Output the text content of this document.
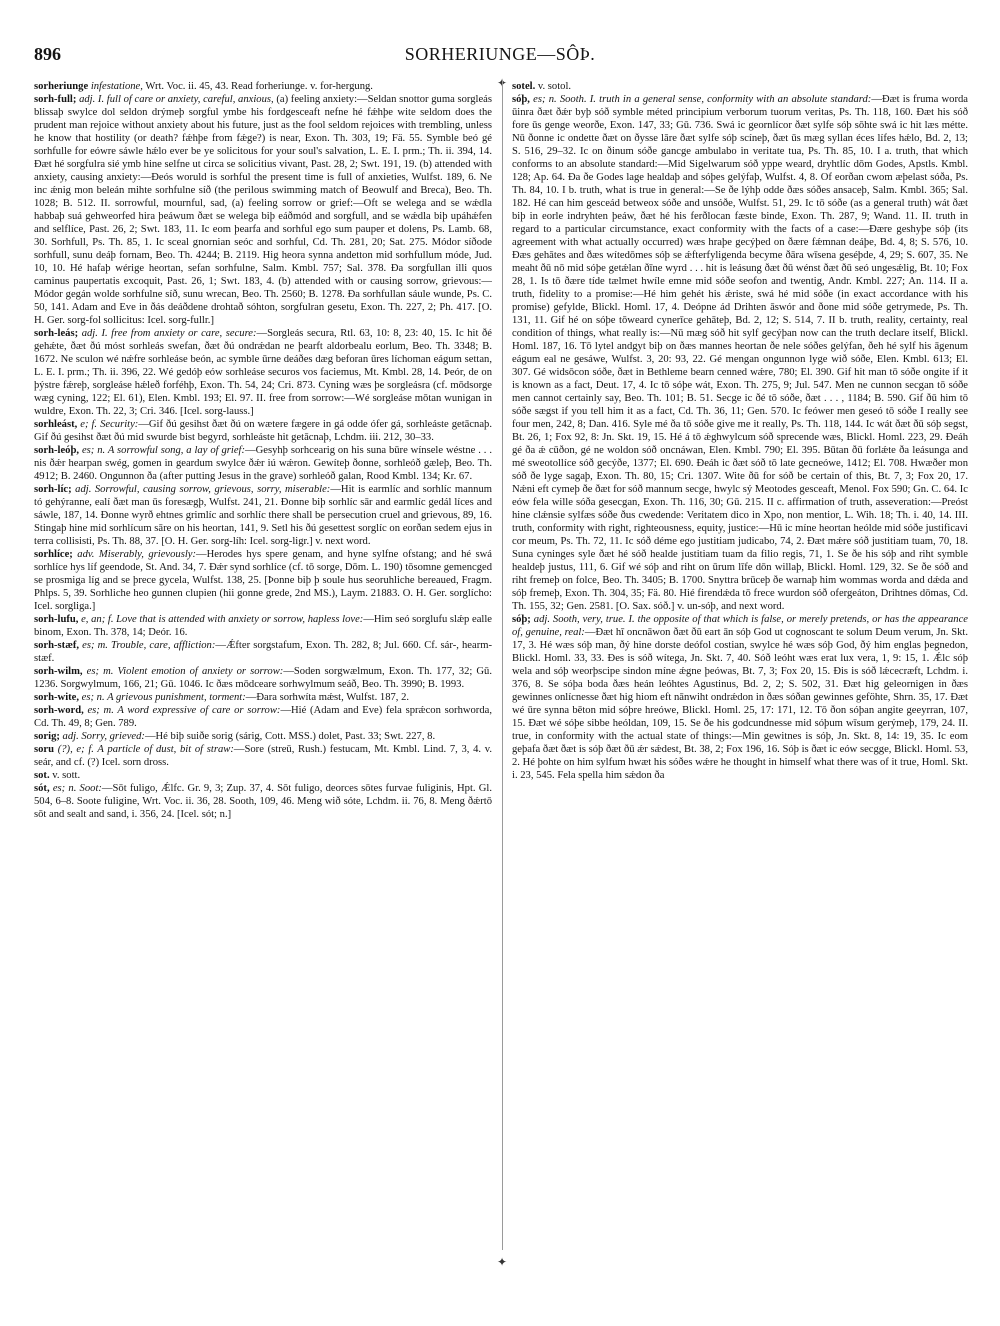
896	SORHERIUNGE—SÔÞ.
✦
✦

sorheriunge infestatione, Wrt. Voc. ii. 45, 43. Read forheriunge. v. for-hergung.

sorh-full; adj. I. full of care or anxiety, careful, anxious, (a) feeling anxiety:—Seldan snottor guma sorgleás blissaþ swylce dol seldon drýmeþ sorgful ymbe his fordgesceaft nefne hé fǽhþe wite seldom does the prudent man rejoice without anxiety about his future, just as the fool seldom rejoices with trembling, unless he know that hostility (or death? fǽhþe from fǽge?) is near, Exon. Th. 303, 19; Fä. 55. Symble beó gé sorhfulle for eówre sáwle hǽlo ever be ye solicitous for your soul's salvation, L. E. I. prm.; Th. ii. 394, 14. Ðæt hé sorgfulra sié ymb hine selfne ut circa se solicitius vivant, Past. 28, 2; Swt. 191, 19. (b) attended with anxiety, causing anxiety:—Ðeós woruld is sorhful the present time is full of anxieties, Wulfst. 189, 6. Ne inc ǽnig mon beleán mihte sorhfulne síð (the perilous swimming match of Beowulf and Breca), Beo. Th. 1028; B. 512. II. sorrowful, mournful, sad, (a) feeling sorrow or grief:—Oft se welega and se wǽdla habbaþ suá gehweorfed hira þeáwum ðæt se welega biþ eáðmód and sorgfull, and se wǽdla biþ upáhǽfen and selflíce, Past. 26, 2; Swt. 183, 11. Ic eom þearfa and sorhful ego sum pauper et dolens, Ps. Lamb. 68, 30. Sorhfull, Ps. Th. 85, 1. Ic sceal gnornian seóc and sorhful, Cd. Th. 281, 20; Sat. 275. Módor síðode sorhfull, sunu deáþ fornam, Beo. Th. 4244; B. 2119. Hig heora synna andetton mid sorhfullum móde, Jud. 10, 10. Hé hafaþ wérige heortan, sefan sorhfulne, Salm. Kmbl. 757; Sal. 378. Ða sorgfullan illi quos caminus paupertatis excoquit, Past. 26, 1; Swt. 183, 4. (b) attended with or causing sorrow, grievous:—Módor gegán wolde sorhfulne síð, sunu wrecan, Beo. Th. 2560; B. 1278. Ða sorhfullan sáule wunde, Ps. C. 50, 141. Adam and Eve in ðás deáðdene drohtað sóhton, sorgfulran gesetu, Exon. Th. 227, 2; Ph. 417. [O. H. Ger. sorg-fol sollicitus: Icel. sorg-fullr.]

sorh-leás; adj. I. free from anxiety or care, secure:—Sorgleás secura, Rtl. 63, 10: 8, 23: 40, 15. Ic hit ðé gehǽte, ðæt ðú móst sorhleás swefan, ðæt ðú ondrǽdan ne þearft aldorbealu eorlum, Beo. Th. 3348; B. 1672. Ne sculon wé nǽfre sorhleáse beón, ac symble ūrne deáðes dæg beforan ūres líchoman eágum settan, L. E. I. prm.; Th. ii. 396, 22. Wé gedóþ eów sorhleáse securos vos faciemus, Mt. Kmbl. 28, 14. Þeór, de on þýstre fǽreþ, sorgleáse hǽleð forféhþ, Exon. Th. 54, 24; Cri. 873. Cyning wæs þe sorgleásra (cf. mōdsorge wæg cyning, 122; El. 61), Elen. Kmbl. 193; El. 97. II. free from sorrow:—Wé sorgleáse mōtan wunigan in wuldre, Exon. Th. 22, 3; Cri. 346. [Icel. sorg-lauss.]

sorhleást, e; f. Security:—Gif ðú gesihst ðæt ðú on wætere fægere in gá odde ófer gá, sorhleáste getācnaþ. Gif ðú gesihst ðæt ðú mid swurde bist begyrd, sorhleáste hit getācnaþ, Lchdm. iii. 212, 30–33.

sorh-leóþ, es; n. A sorrowful song, a lay of grief:—Gesyhþ sorhcearig on his suna būre wínsele wéstne . . . nis ðǽr hearpan swég, gomen in geardum swylce ðǽr iú wǽron. Gewíteþ ðonne, sorhleóð gæleþ, Beo. Th. 4912; B. 2460. Ongunnon ða (after putting Jesus in the grave) sorhleóð galan, Rood Kmbl. 134; Kr. 67.

sorh-líc; adj. Sorrowful, causing sorrow, grievous, sorry, miserable:—Hit is earmlíc and sorhlíc mannum tó gehýranne, ealí ðæt man ūs foresægþ, Wulfst. 241, 21. Ðonne biþ sorhlíc sār and earmlíc gedál líces and sáwle, 187, 14. Ðonne wyrð ehtnes grimlíc and sorhlíc there shall be persecution cruel and grievous, 89, 16. Stingaþ hine mid sorhlícum sāre on his heortan, 141, 9. Setl his ðú gesettest sorglíc on eorðan sedem ejus in terra collisisti, Ps. Th. 88, 37. [O. H. Ger. sorg-líh: Icel. sorg-ligr.] v. next word.

sorhlíce; adv. Miserably, grievously:—Herodes hys spere genam, and hyne sylfne ofstang; and hé swá sorhlíce hys líf geendode, St. And. 34, 7. Ðǽr synd sorhlíce (cf. tō sorge, Dōm. L. 190) tōsomne gemencged se prosmiga líg and se þrece gycela, Wulfst. 138, 25. [Þonne biþ þ soule hus seoruhliche bereaued, Fragm. Phlps. 5, 39. Sorhliche heo gunnen clupien (hii gonne grede, 2nd MS.), Laym. 21883. O. H. Ger. sorglícho: Icel. sorgliga.]

sorh-lufu, e, an; f. Love that is attended with anxiety or sorrow, hapless love:—Him seó sorglufu slǽp ealle binom, Exon. Th. 378, 14; Deór. 16.

sorh-stæf, es; m. Trouble, care, affliction:—Ǽfter sorgstafum, Exon. Th. 282, 8; Jul. 660. Cf. sár-, hearm-stæf.

sorh-wilm, es; m. Violent emotion of anxiety or sorrow:—Soden sorgwælmum, Exon. Th. 177, 32; Gū. 1236. Sorgwylmum, 166, 21; Gū. 1046. Ic ðæs mōdceare sorhwylmum seáð, Beo. Th. 3990; B. 1993.

sorh-wite, es; n. A grievous punishment, torment:—Ðara sorhwíta mǽst, Wulfst. 187, 2.

sorh-word, es; m. A word expressive of care or sorrow:—Hié (Adam and Eve) fela sprǽcon sorhworda, Cd. Th. 49, 8; Gen. 789.

sorig; adj. Sorry, grieved:—Hé biþ suiðe sorig (sárig, Cott. MSS.) dolet, Past. 33; Swt. 227, 8.

soru (?), e; f. A particle of dust, bit of straw:—Sore (streū, Rush.) festucam, Mt. Kmbl. Lind. 7, 3, 4. v. seár, and cf. (?) Icel. sorn dross.

sot. v. sott.

sót, es; n. Soot:—Sōt fuligo, Ǽlfc. Gr. 9, 3; Zup. 37, 4. Sōt fuligo, deorces sōtes furvae fuliginis, Hpt. Gl. 504, 6–8. Soote fuligine, Wrt. Voc. ii. 36, 28. Sooth, 109, 46. Meng wið sóte, Lchdm. ii. 76, 8. Meng ðǽrtō sōt and sealt and sand, i. 356, 24. [Icel. sót; n.]

sotel. v. sotol.

sóþ, es; n. Sooth. I. truth in a general sense, conformity with an absolute standard:—Ðæt is fruma worda ūinra ðæt ðǽr byþ sóð symble méted principium verborum tuorum veritas, Ps. Th. 118, 160. Ðæt his sóð fore ūs genge weorðe, Exon. 147, 33; Gū. 736. Swá ic geornlícor ðæt sylfe sóþ sōhte swá ic hit læs métte. Nū ðonne ic ondette ðæt on ðysse lāre ðæt sylfe sóþ scíneþ, ðæt ūs mæg syllan éces lífes hǽlo, Bd. 2, 13; S. 516, 29–32. Ic on ðinum sóðe gancge ambulabo in veritate tua, Ps. Th. 85, 10. I a. truth, that which conforms to an absolute standard:—Mid Sigelwarum sóð yppe weard, dryhtlíc dōm Godes, Apstls. Kmbl. 128; Ap. 64. Ða ðe Godes lage healdaþ and sóþes gelýfaþ, Wulfst. 4, 8. Of eorðan cwom æþelast sóða, Ps. Th. 84, 10. I b. truth, what is true in general:—Se ðe lýhþ odde ðæs sóðes ansaceþ, Salm. Kmbl. 365; Sal. 182. Hé can him gesceád betweox sóðe and unsóðe, Wulfst. 51, 29. Ic tō sóðe (as a general truth) wát ðæt biþ in eorle indryhten þeáw, ðæt hé his ferðlocan fæste binde, Exon. Th. 287, 9; Wand. 11. II. truth in regard to a particular circumstance, exact conformity with the facts of a case:—Ðære geshyþe sóþ (its agreement with what actually occurred) wæs hraþe gecýþed on ðære fǽmnan deáþe, Bd. 4, 8; S. 576, 10. Ðæs gehātes and ðæs wítedōmes sóþ se ǽfterfyligenda becyme ðāra wīsena geséþde, 4, 29; S. 607, 35. Ne meaht ðū nō mid sóþe getǽlan ðīne wyrd . . . hit is leásung ðæt ðū wénst ðæt ðū seó ungesǽlig, Bt. 10; Fox 28, 1. Is tō ðære tíde tælmet hwíle emne mid sóðe seofon and twentig, Andr. Kmbl. 227; An. 114. II a. truth, fidelity to a promise:—Hé him gehét his ǽriste, swá hé mid sóðe (in exact accordance with his promise) gefylde, Blickl. Homl. 17, 4. Deópne ád Drihten āswór and ðone mid sóðe getrymede, Ps. Th. 131, 11. Gif hé on sóþe tōweard cynerīce gehāteþ, Bd. 2, 12; S. 514, 7. II b. truth, reality, certainty, real condition of things, what really is:—Nū mæg sóð hit sylf gecýþan now can the truth declare itself, Blickl. Homl. 187, 16. Tō lytel andgyt biþ on ðæs mannes heortan ðe nele sóðes gelýfan, ðeh hé sylf his āgenum eágum eal ne gesáwe, Wulfst. 3, 20: 93, 22. Gé mengan ongunnon lyge wið sóðe, Elen. Kmbl. 613; El. 307. Gé widsōcon sóðe, ðæt in Bethleme bearn cenned wǽre, 780; El. 390. Gif hit man tō sóðe ongite if it is known as a fact, Deut. 17, 4. Ic tō sóþe wát, Exon. Th. 275, 9; Jul. 547. Men ne cunnon secgan tō sóðe men cannot certainly say, Beo. Th. 101; B. 51. Secge ic ðé tō sóðe, ðæt . . . , 1184; B. 590. Gif ðū him tō sóðe sægst if you tell him it as a fact, Cd. Th. 36, 11; Gen. 570. Ic feówer men geseó tō sóðe I really see four men, 242, 8; Dan. 416. Syle mé ða tō sóðe give me it really, Ps. Th. 118, 144. Ic wát ðæt ðū sóþ segst, Bt. 26, 1; Fox 92, 8: Jn. Skt. 19, 15. Hé á tō ǽghwylcum sóð sprecende wæs, Blickl. Homl. 223, 29. Ðeáh gé ða ǽ cūðon, gé ne woldon sóð oncnáwan, Elen. Kmbl. 790; El. 395. Būtan ðū forlǽte ða leásunga and mé sweotollíce sóð gecýðe, 1377; El. 690. Ðeáh ic ðæt sóð tō late gecneówe, 1412; El. 708. Hwæðer mon sóð ðe lyge sagaþ, Exon. Th. 80, 15; Cri. 1307. Wite ðū for sóð be certain of this, Bt. 7, 3; Fox 20, 17. Nǽni eft cymeþ ðe ðæt for sóð mannum secge, hwylc sý Meotodes gesceaft, Menol. Fox 590; Gn. C. 64. Ic eów fela wille sóða gesecgan, Exon. Th. 116, 30; Gū. 215. II c. affirmation of truth, asseveration:—Preóst hine clǽnsie sylfæs sóðe ðus cwedende: Veritatem dico in Xpo, non mentior, L. Wih. 18; Th. i. 40, 14. III. truth, conformity with right, righteousness, equity, justice:—Hū ic míne heortan heólde mid sóðe justificavi cor meum, Ps. Th. 72, 11. Ic sóð déme ego justitiam judicabo, 74, 2. Ðæt mǽre sóð justitiam tuam, 70, 18. Suna cyninges syle ðæt hé sóð healde justitiam tuam da filio regis, 71, 1. Se ðe his sóþ and riht symble healdeþ justus, 111, 6. Gif wé sóþ and riht on ūrum līfe dōn willaþ, Blickl. Homl. 129, 32. Se ðe sóð and riht fremeþ on folce, Beo. Th. 3405; B. 1700. Snyttra brūceþ ðe warnaþ him wommas worda and dǽda and sóþ fremeþ, Exon. Th. 304, 35; Fä. 80. Hié firendǽda tō frece wurdon sóð ofergeáton, Drihtnes dōmas, Cd. Th. 155, 32; Gen. 2581. [O. Sax. sóð.] v. un-sóþ, and next word.

sóþ; adj. Sooth, very, true. I. the opposite of that which is false, or merely pretends, or has the appearance of, genuine, real:—Ðæt hī oncnāwon ðæt ðū eart ān sóþ God ut cognoscant te solum Deum verum, Jn. Skt. 17, 3. Hé wæs sóþ man, ðý hine dorste deófol costian, swylce hé wæs sóþ God, ðý him englas þegnedon, Blickl. Homl. 33, 33. Ðes is sóð wítega, Jn. Skt. 7, 40. Sóð leóht wæs erat lux vera, 1, 9: 15, 1. Ǽlc sóþ wela and sóþ weorþscipe sindon míne ǽgne þeówas, Bt. 7, 3; Fox 20, 15. Ðis is sóð lǽcecræft, Lchdm. i. 376, 8. Se sóþa boda ðæs heán leóhtes Agustinus, Bd. 2, 2; S. 502, 31. Ðæt hig geleornigen in ðæs gewinnes onlícnesse ðæt hig hiom eft nānwiht ondrǽdon in ðæs sóðan gewinnes geföhte, Shrn. 35, 17. Ðæt wé ūre synna bēton mid sóþre hreówe, Blickl. Homl. 25, 17: 171, 12. Tō ðon sóþan angite geeyrran, 107, 15. Ðæt wé sóþe sibbe heóldan, 109, 15. Se ðe his godcundnesse mid sóþum wīsum gerýmeþ, 179, 24. II. true, in conformity with the actual state of things:—Min gewitnes is sóþ, Jn. Skt. 8, 14: 19, 35. Ic eom geþafa ðæt ðæt is sóþ ðæt ðū ǽr sǽdest, Bt. 38, 2; Fox 196, 16. Sóþ is ðæt ic eów secgge, Blickl. Homl. 53, 2. Hé þohte on him sylfum hwæt his sóðes wǽre he thought in himself what there was of it true, Homl. Skt. i. 23, 545. Fela spella him sǽdon ða
